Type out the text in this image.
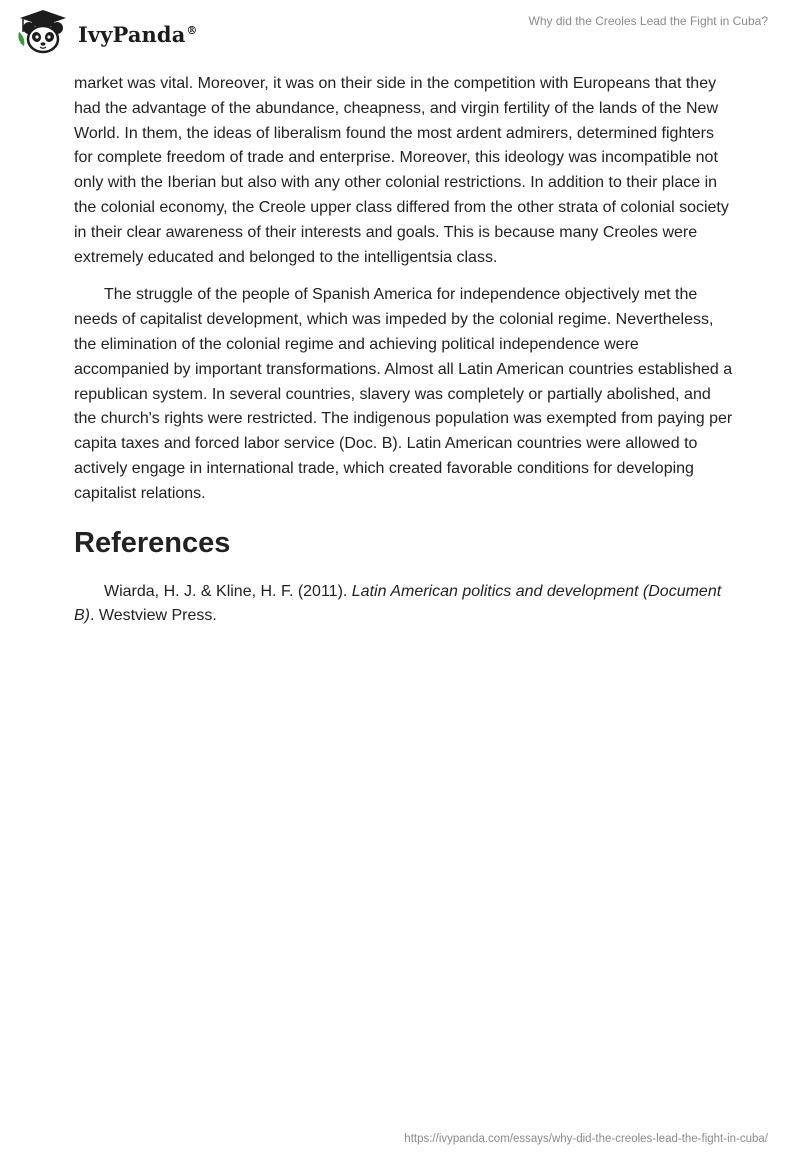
IvyPanda®
Why did the Creoles Lead the Fight in Cuba?

market was vital. Moreover, it was on their side in the competition with Europeans that they had the advantage of the abundance, cheapness, and virgin fertility of the lands of the New World. In them, the ideas of liberalism found the most ardent admirers, determined fighters for complete freedom of trade and enterprise. Moreover, this ideology was incompatible not only with the Iberian but also with any other colonial restrictions. In addition to their place in the colonial economy, the Creole upper class differed from the other strata of colonial society in their clear awareness of their interests and goals. This is because many Creoles were extremely educated and belonged to the intelligentsia class.

The struggle of the people of Spanish America for independence objectively met the needs of capitalist development, which was impeded by the colonial regime. Nevertheless, the elimination of the colonial regime and achieving political independence were accompanied by important transformations. Almost all Latin American countries established a republican system. In several countries, slavery was completely or partially abolished, and the church's rights were restricted. The indigenous population was exempted from paying per capita taxes and forced labor service (Doc. B). Latin American countries were allowed to actively engage in international trade, which created favorable conditions for developing capitalist relations.

References

Wiarda, H. J. & Kline, H. F. (2011). Latin American politics and development (Document B). Westview Press.

https://ivypanda.com/essays/why-did-the-creoles-lead-the-fight-in-cuba/
